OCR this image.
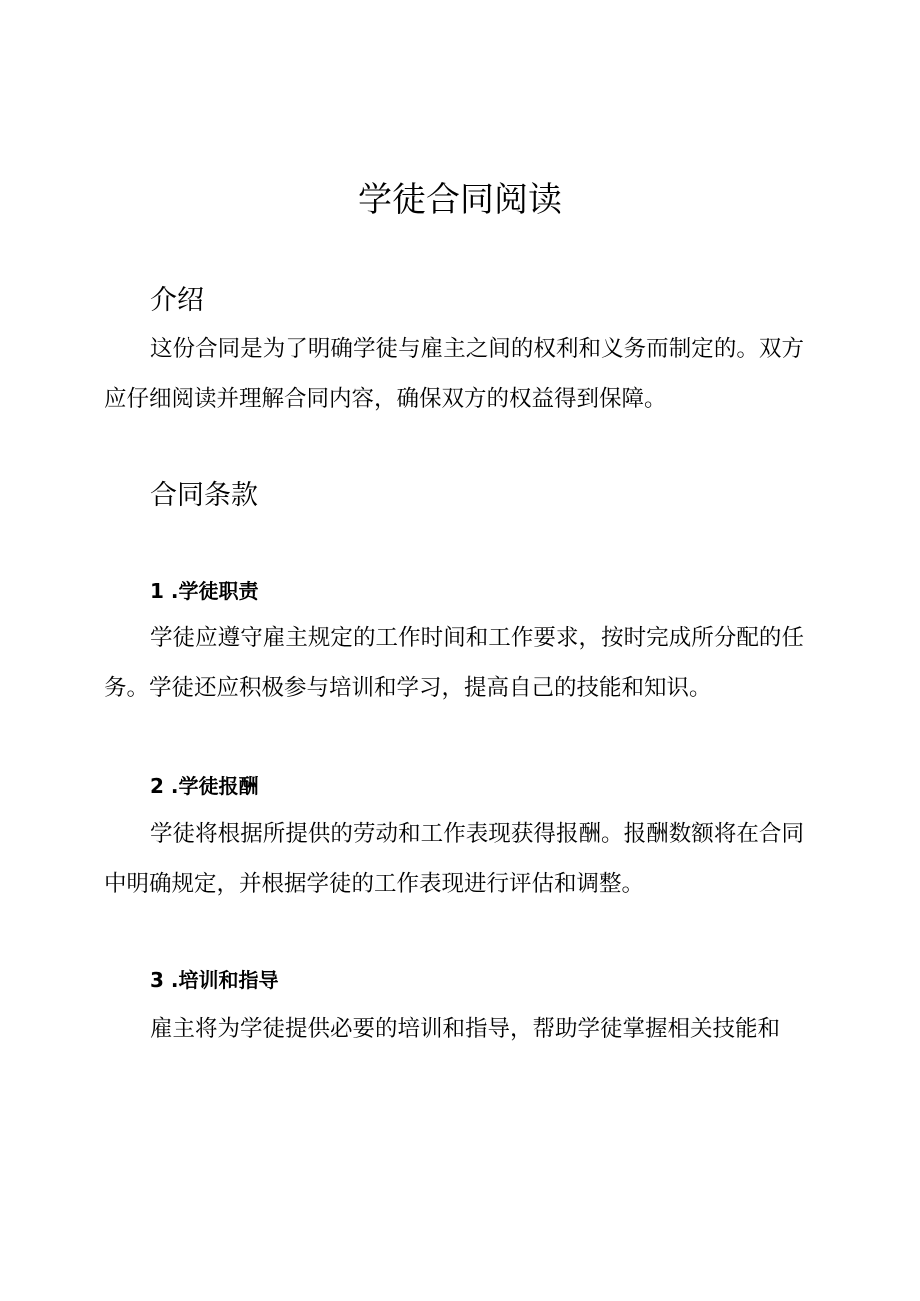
学徒合同阅读
介绍

这份合同是为了明确学徒与雇主之间的权利和义务而制定的。双方应仔细阅读并理解合同内容，确保双方的权益得到保障。

合同条款
1 .学徒职责

学徒应遵守雇主规定的工作时间和工作要求，按时完成所分配的任务。学徒还应积极参与培训和学习，提高自己的技能和知识。

2 .学徒报酬

学徒将根据所提供的劳动和工作表现获得报酬。报酬数额将在合同中明确规定，并根据学徒的工作表现进行评估和调整。

3 .培训和指导

雇主将为学徒提供必要的培训和指导，帮助学徒掌握相关技能和
